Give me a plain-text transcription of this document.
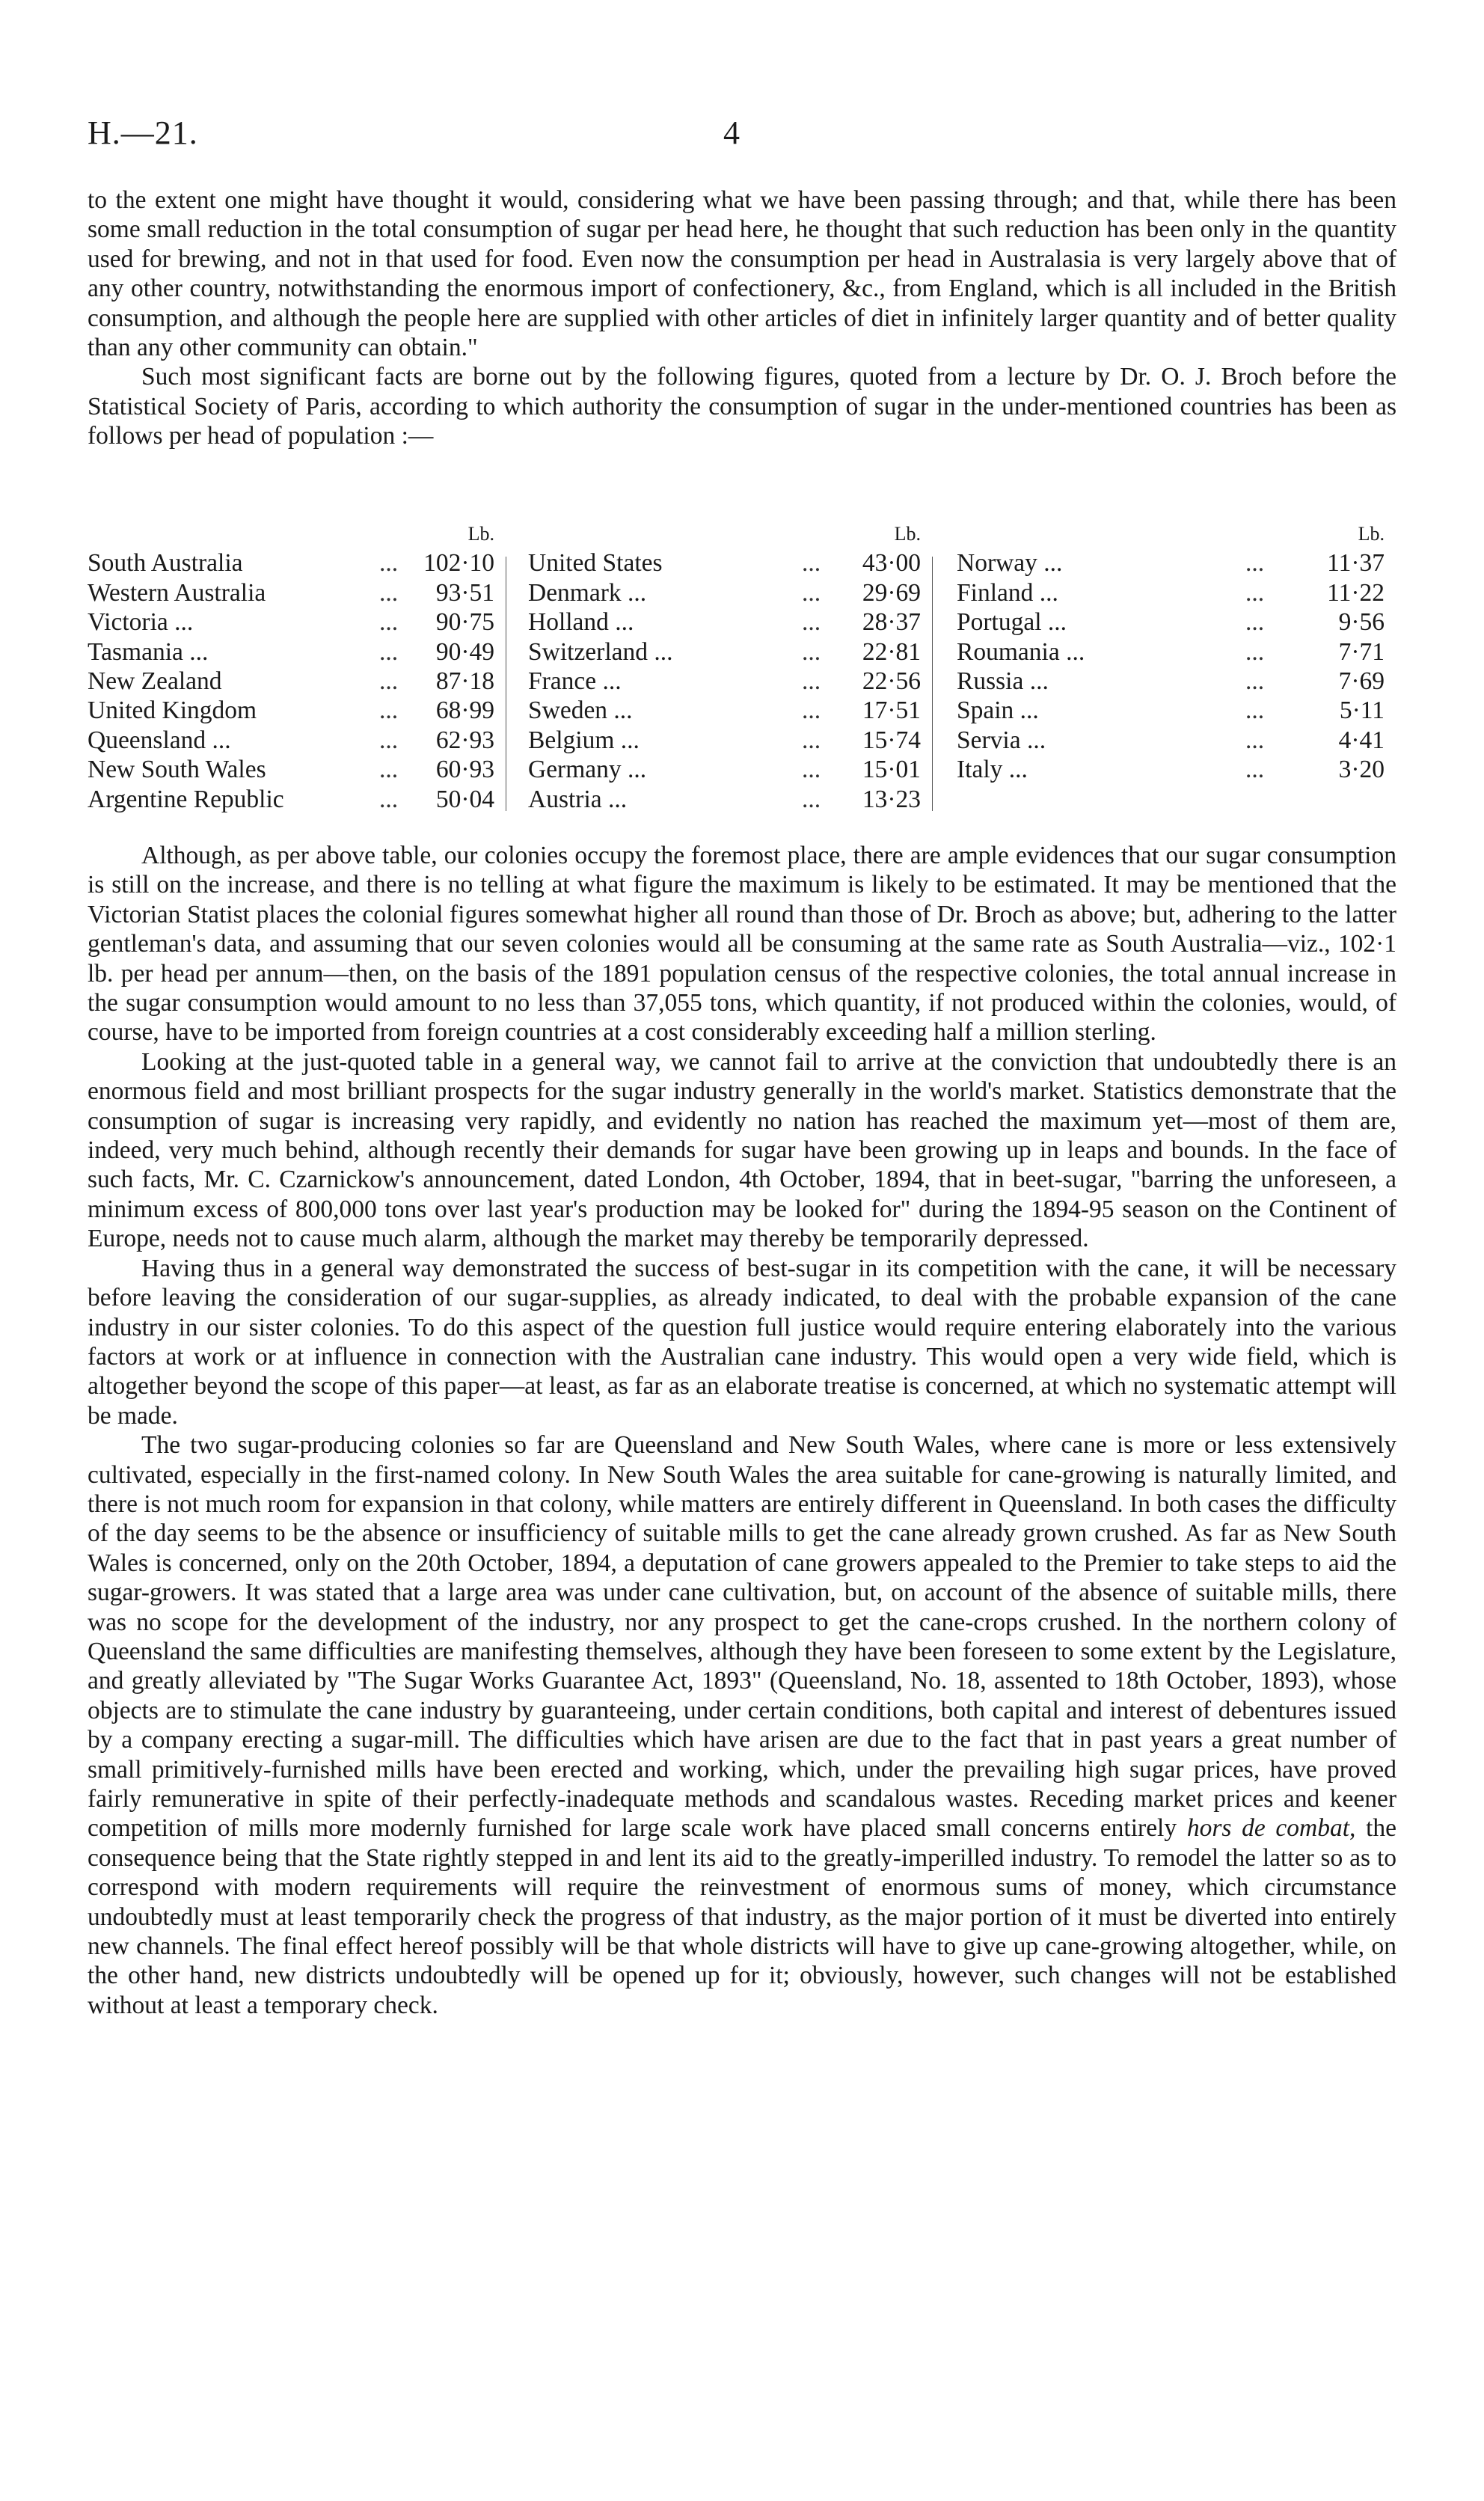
H.—21.	4

to the extent one might have thought it would, considering what we have been passing through; and that, while there has been some small reduction in the total consumption of sugar per head here, he thought that such reduction has been only in the quantity used for brewing, and not in that used for food. Even now the consumption per head in Australasia is very largely above that of any other country, notwithstanding the enormous import of confectionery, &c., from England, which is all included in the British consumption, and although the people here are supplied with other articles of diet in infinitely larger quantity and of better quality than any other community can obtain."

Such most significant facts are borne out by the following figures, quoted from a lecture by Dr. O. J. Broch before the Statistical Society of Paris, according to which authority the consumption of sugar in the under-mentioned countries has been as follows per head of population :—

Lb.
South Australia	... 102·10
Western Australia	... 93·51
Victoria ...	... 90·75
Tasmania ...	... 90·49
New Zealand	... 87·18
United Kingdom	... 68·99
Queensland ...	... 62·93
New South Wales	... 60·93
Argentine Republic	... 50·04
Lb.
United States	... 43·00
Denmark ...	... 29·69
Holland ...	... 28·37
Switzerland ...	... 22·81
France ...	... 22·56
Sweden ...	... 17·51
Belgium ...	... 15·74
Germany ...	... 15·01
Austria ...	... 13·23
Lb.
Norway ...	...	11·37
Finland ...	...	11·22
Portugal ...	...	9·56
Roumania ...	...	7·71
Russia ...	...	7·69
Spain ...	...	5·11
Servia ...	...	4·41
Italy ...	...	3·20

Although, as per above table, our colonies occupy the foremost place, there are ample evidences that our sugar consumption is still on the increase, and there is no telling at what figure the maximum is likely to be estimated. It may be mentioned that the Victorian Statist places the colonial figures somewhat higher all round than those of Dr. Broch as above; but, adhering to the latter gentleman's data, and assuming that our seven colonies would all be consuming at the same rate as South Australia—viz., 102·1 lb. per head per annum—then, on the basis of the 1891 population census of the respective colonies, the total annual increase in the sugar consumption would amount to no less than 37,055 tons, which quantity, if not produced within the colonies, would, of course, have to be imported from foreign countries at a cost considerably exceeding half a million sterling.

Looking at the just-quoted table in a general way, we cannot fail to arrive at the conviction that undoubtedly there is an enormous field and most brilliant prospects for the sugar industry generally in the world's market. Statistics demonstrate that the consumption of sugar is increasing very rapidly, and evidently no nation has reached the maximum yet—most of them are, indeed, very much behind, although recently their demands for sugar have been growing up in leaps and bounds. In the face of such facts, Mr. C. Czarnickow's announcement, dated London, 4th October, 1894, that in beet-sugar, "barring the unforeseen, a minimum excess of 800,000 tons over last year's production may be looked for" during the 1894-95 season on the Continent of Europe, needs not to cause much alarm, although the market may thereby be temporarily depressed.

Having thus in a general way demonstrated the success of best-sugar in its competition with the cane, it will be necessary before leaving the consideration of our sugar-supplies, as already indicated, to deal with the probable expansion of the cane industry in our sister colonies. To do this aspect of the question full justice would require entering elaborately into the various factors at work or at influence in connection with the Australian cane industry. This would open a very wide field, which is altogether beyond the scope of this paper—at least, as far as an elaborate treatise is concerned, at which no systematic attempt will be made.

The two sugar-producing colonies so far are Queensland and New South Wales, where cane is more or less extensively cultivated, especially in the first-named colony. In New South Wales the area suitable for cane-growing is naturally limited, and there is not much room for expansion in that colony, while matters are entirely different in Queensland. In both cases the difficulty of the day seems to be the absence or insufficiency of suitable mills to get the cane already grown crushed. As far as New South Wales is concerned, only on the 20th October, 1894, a deputation of cane growers appealed to the Premier to take steps to aid the sugar-growers. It was stated that a large area was under cane cultivation, but, on account of the absence of suitable mills, there was no scope for the development of the industry, nor any prospect to get the cane-crops crushed. In the northern colony of Queensland the same difficulties are manifesting themselves, although they have been foreseen to some extent by the Legislature, and greatly alleviated by "The Sugar Works Guarantee Act, 1893" (Queensland, No. 18, assented to 18th October, 1893), whose objects are to stimulate the cane industry by guaranteeing, under certain conditions, both capital and interest of debentures issued by a company erecting a sugar-mill. The difficulties which have arisen are due to the fact that in past years a great number of small primitively-furnished mills have been erected and working, which, under the prevailing high sugar prices, have proved fairly remunerative in spite of their perfectly-inadequate methods and scandalous wastes. Receding market prices and keener competition of mills more modernly furnished for large scale work have placed small concerns entirely hors de combat, the consequence being that the State rightly stepped in and lent its aid to the greatly-imperilled industry. To remodel the latter so as to correspond with modern requirements will require the reinvestment of enormous sums of money, which circumstance undoubtedly must at least temporarily check the progress of that industry, as the major portion of it must be diverted into entirely new channels. The final effect hereof possibly will be that whole districts will have to give up cane-growing altogether, while, on the other hand, new districts undoubtedly will be opened up for it; obviously, however, such changes will not be established without at least a temporary check.
